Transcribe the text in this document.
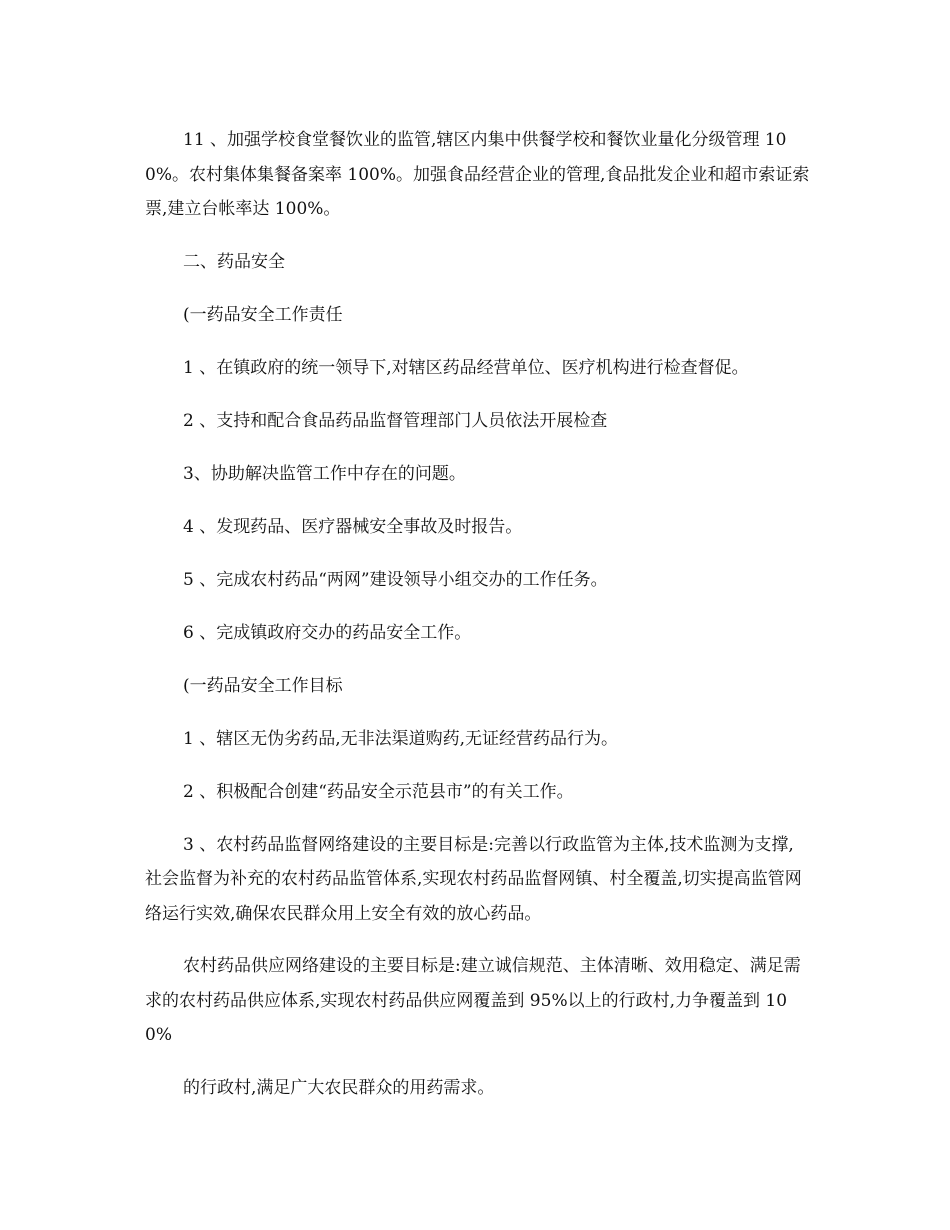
11 、加强学校食堂餐饮业的监管,辖区内集中供餐学校和餐饮业量化分级管理 100%。农村集体集餐备案率 100%。加强食品经营企业的管理,食品批发企业和超市索证索票,建立台帐率达 100%。

二、药品安全

(一药品安全工作责任

1 、在镇政府的统一领导下,对辖区药品经营单位、医疗机构进行检查督促。

2 、支持和配合食品药品监督管理部门人员依法开展检查

3、协助解决监管工作中存在的问题。

4 、发现药品、医疗器械安全事故及时报告。

5 、完成农村药品“两网”建设领导小组交办的工作任务。

6 、完成镇政府交办的药品安全工作。

(一药品安全工作目标

1 、辖区无伪劣药品,无非法渠道购药,无证经营药品行为。

2 、积极配合创建“药品安全示范县市”的有关工作。

3 、农村药品监督网络建设的主要目标是:完善以行政监管为主体,技术监测为支撑,社会监督为补充的农村药品监管体系,实现农村药品监督网镇、村全覆盖,切实提高监管网络运行实效,确保农民群众用上安全有效的放心药品。

农村药品供应网络建设的主要目标是:建立诚信规范、主体清晰、效用稳定、满足需求的农村药品供应体系,实现农村药品供应网覆盖到 95%以上的行政村,力争覆盖到 100%

的行政村,满足广大农民群众的用药需求。
